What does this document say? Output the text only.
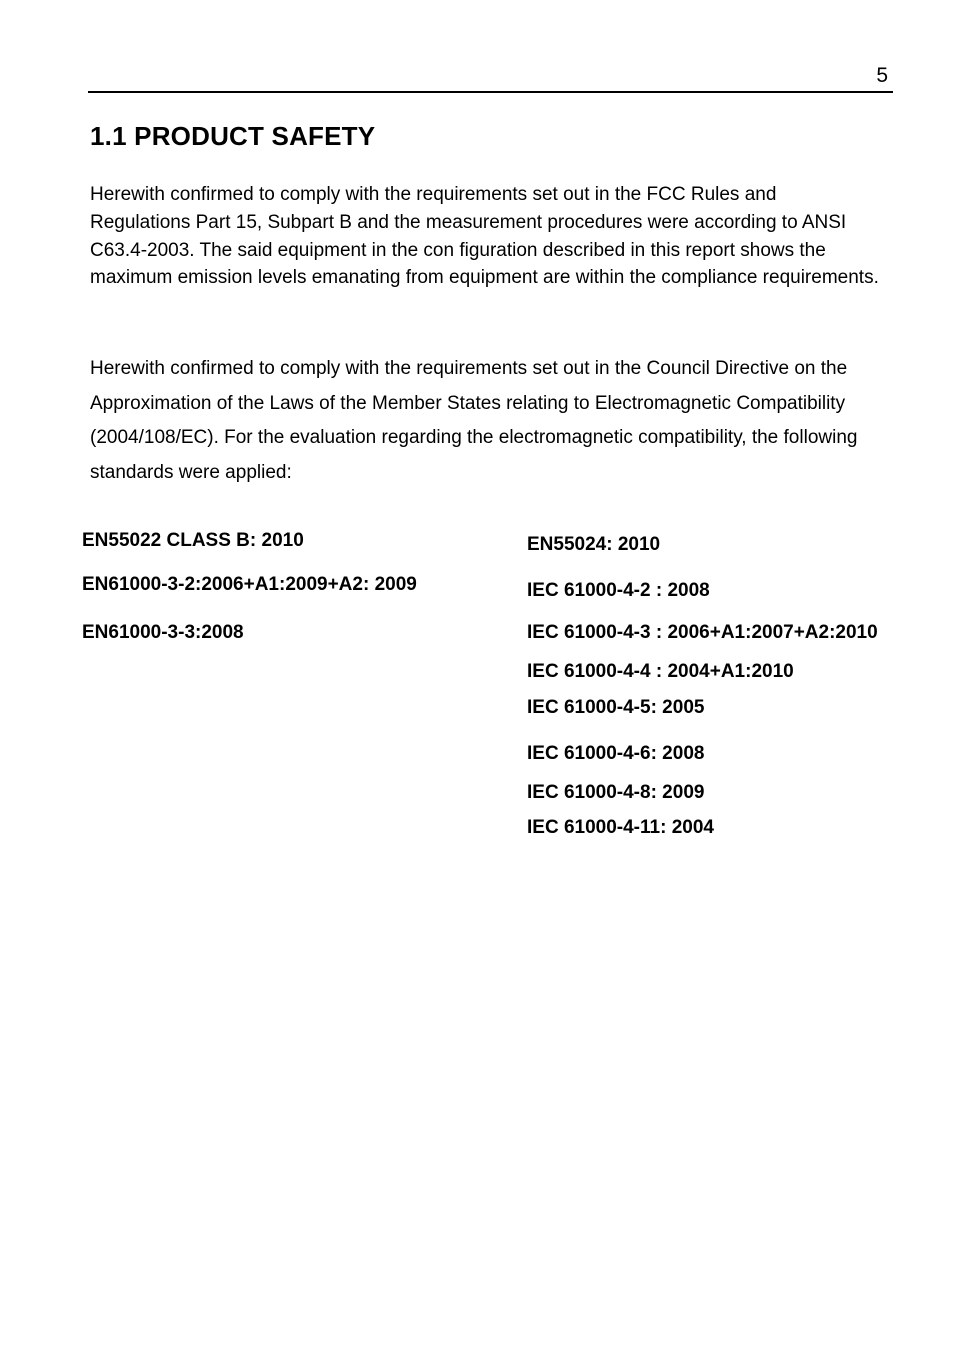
5
1.1 PRODUCT SAFETY

Herewith confirmed to comply with the requirements set out in the FCC Rules and Regulations Part 15, Subpart B and the measurement procedures were according to ANSI C63.4-2003. The said equipment in the con figuration described in this report shows the maximum emission levels emanating from equipment are within the compliance requirements.

Herewith confirmed to comply with the requirements set out in the Council Directive on the Approximation of the Laws of the Member States relating to Electromagnetic Compatibility (2004/108/EC). For the evaluation regarding the electromagnetic compatibility, the following standards were applied:

EN55022 CLASS B: 2010
EN61000-3-2:2006+A1:2009+A2: 2009
EN61000-3-3:2008
EN55024: 2010
IEC 61000-4-2 : 2008
IEC 61000-4-3 : 2006+A1:2007+A2:2010
IEC 61000-4-4 : 2004+A1:2010
IEC 61000-4-5: 2005
IEC 61000-4-6: 2008
IEC 61000-4-8: 2009
IEC 61000-4-11: 2004
